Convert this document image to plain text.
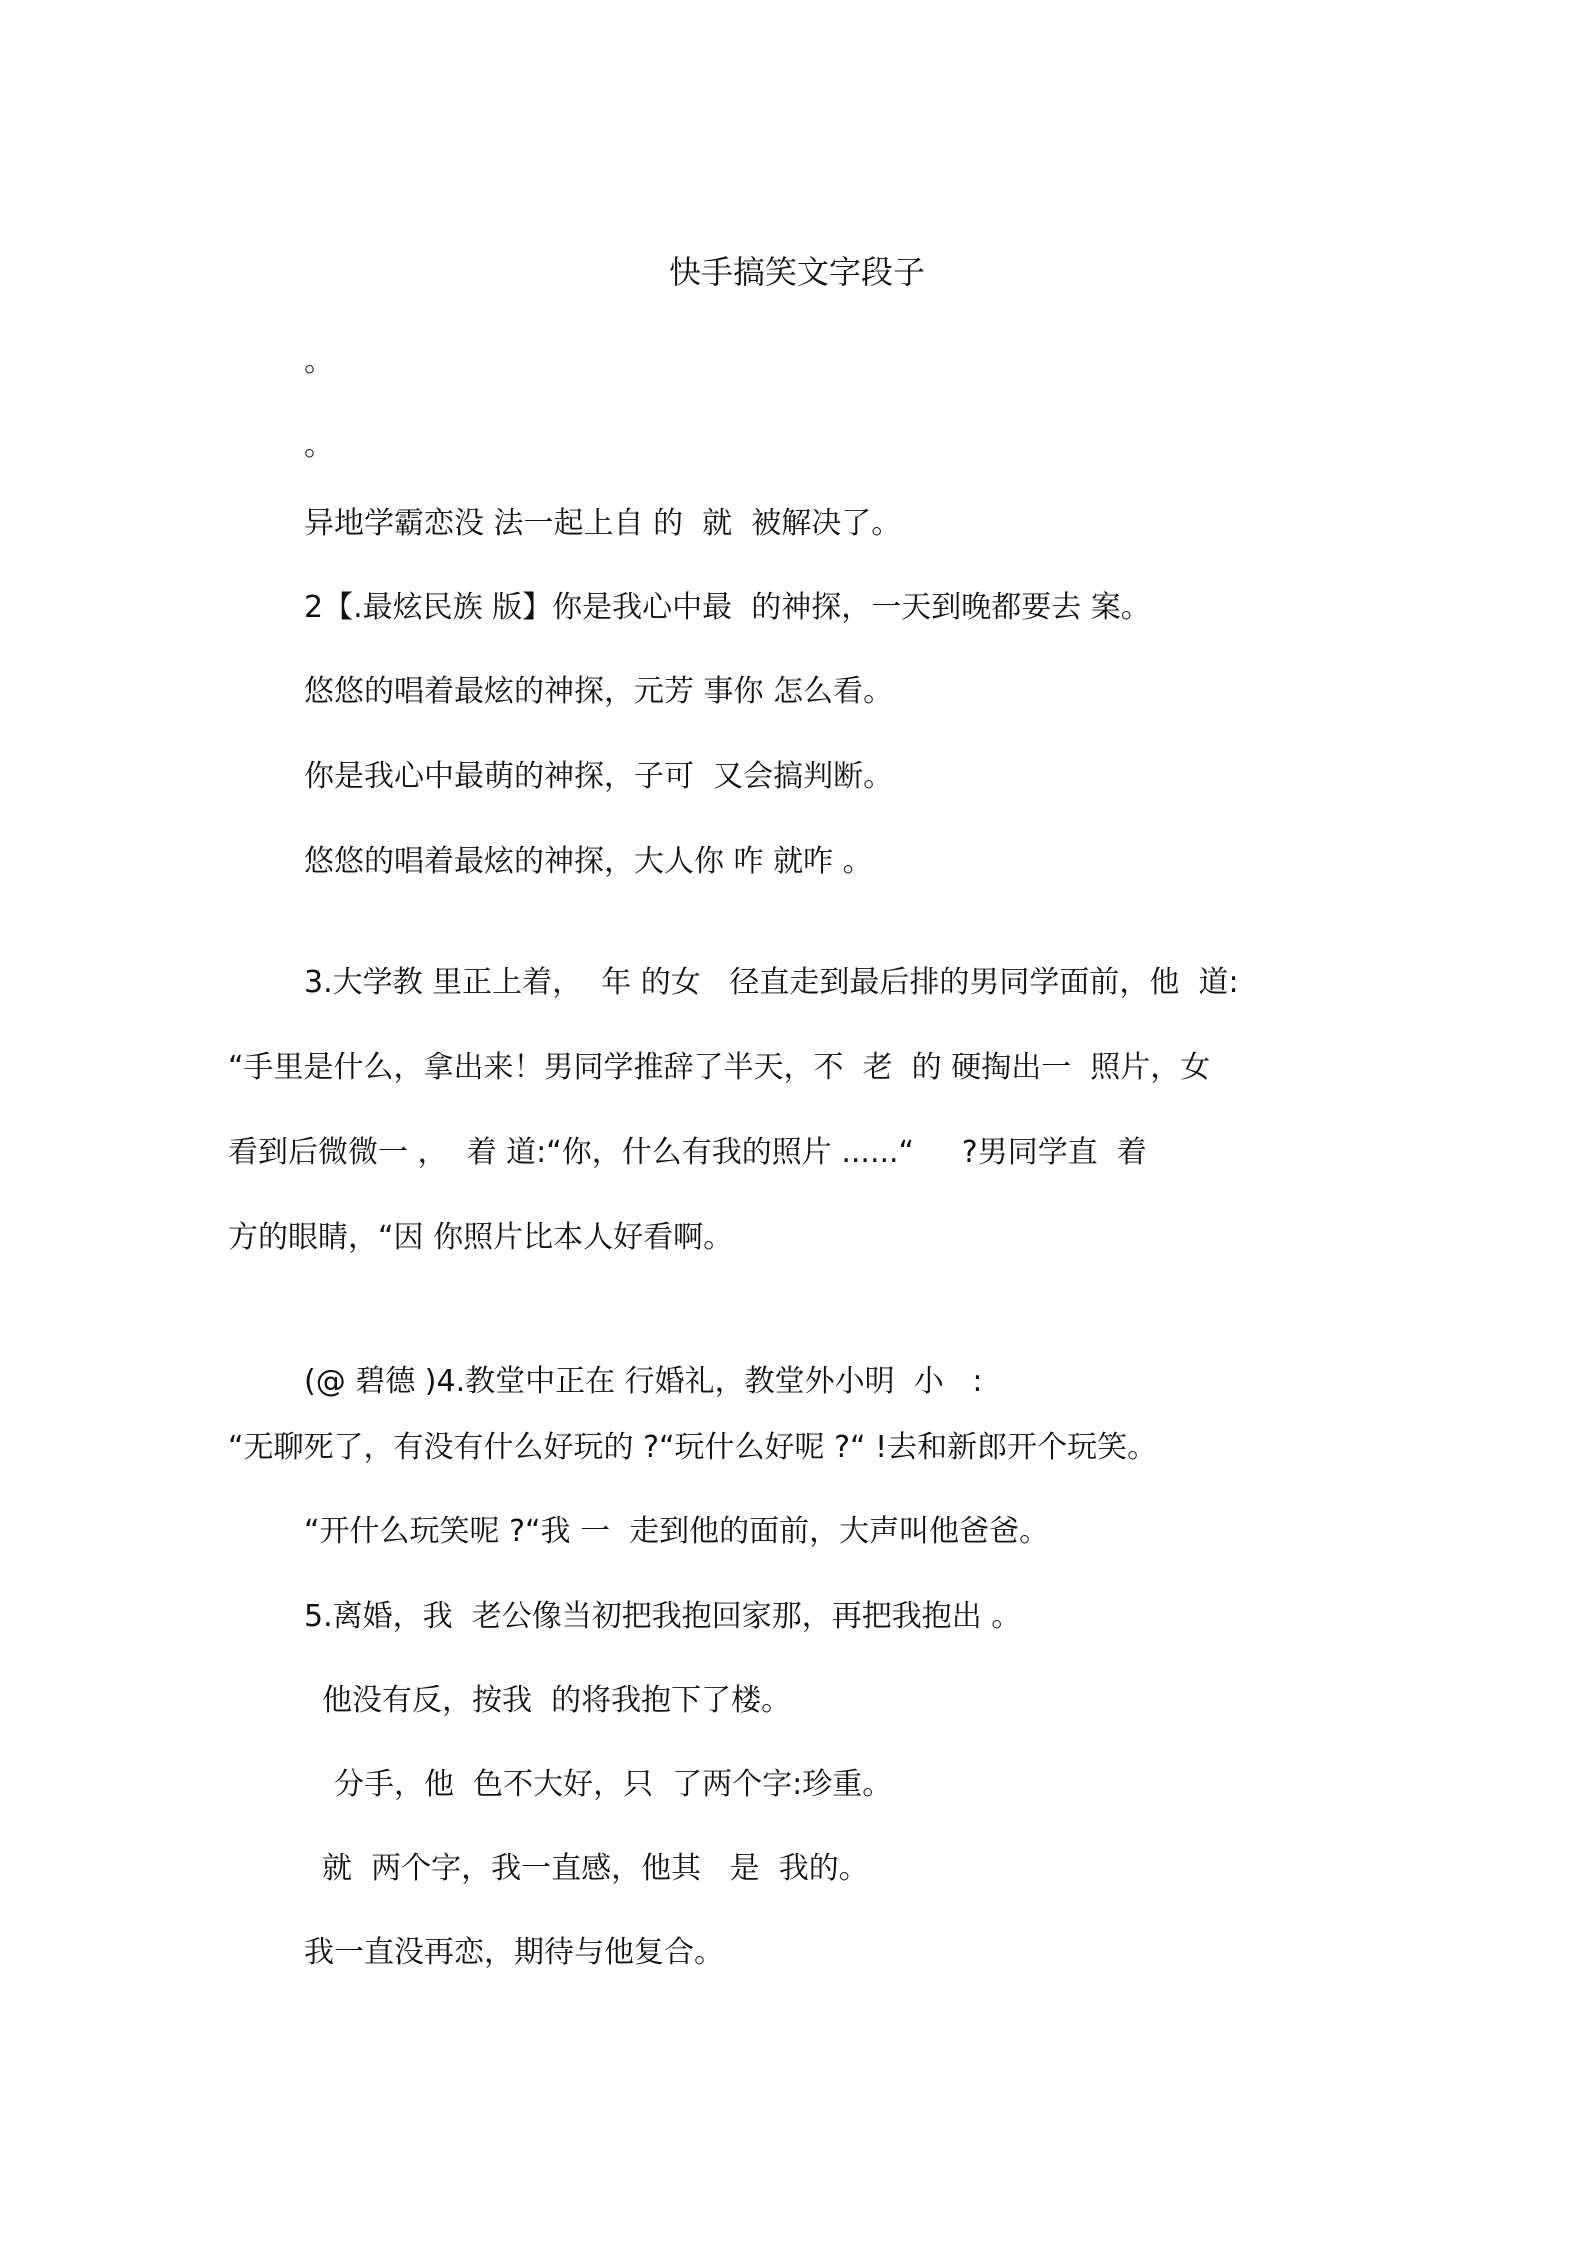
快手搞笑文字段子
。
。
异地学霸恋没 法一起上自 的  就  被解决了。
2【.最炫民族 版】你是我心中最  的神探，一天到晚都要去 案。
悠悠的唱着最炫的神探，元芳 事你 怎么看。
你是我心中最萌的神探，子可  又会搞判断。
悠悠的唱着最炫的神探，大人你 咋 就咋 。
3.大学教 里正上着，  年 的女   径直走到最后排的男同学面前，他  道:
“手里是什么，拿出来！男同学推辞了半天，不  老  的 硬掏出一  照片，女
看到后微微一 ，  着 道:“你，什么有我的照片 ......“     ?男同学直  着
方的眼睛，“因 你照片比本人好看啊。
(@ 碧德 )4.教堂中正在 行婚礼，教堂外小明  小   :
“无聊死了，有没有什么好玩的 ?“玩什么好呢 ?“ !去和新郎开个玩笑。
“开什么玩笑呢 ?“我 一  走到他的面前，大声叫他爸爸。
5.离婚，我  老公像当初把我抱回家那，再把我抱出 。
他没有反，按我  的将我抱下了楼。
分手，他  色不大好，只  了两个字:珍重。
就  两个字，我一直感，他其   是  我的。
我一直没再恋，期待与他复合。
